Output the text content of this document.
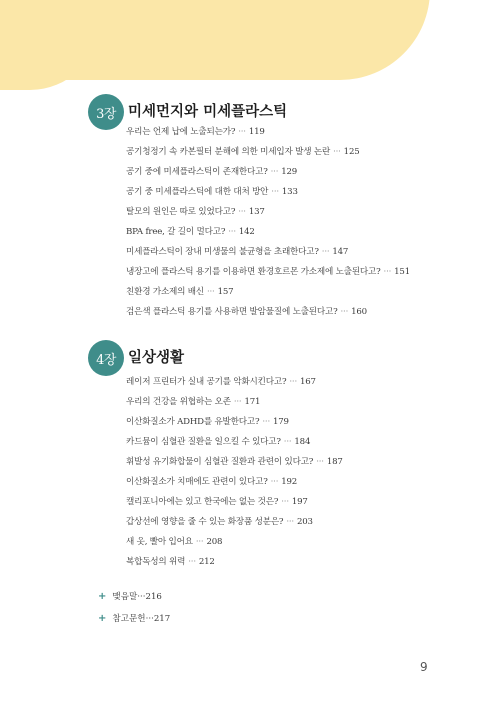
3장 미세먼지와 미세플라스틱
우리는 언제 납에 노출되는가? ··· 119
공기청정기 속 카본필터 분해에 의한 미세입자 발생 논란 ··· 125
공기 중에 미세플라스틱이 존재한다고? ··· 129
공기 중 미세플라스틱에 대한 대처 방안 ··· 133
탈모의 원인은 따로 있었다고? ··· 137
BPA free, 갈 길이 멀다고? ··· 142
미세플라스틱이 장내 미생물의 불균형을 초래한다고? ··· 147
냉장고에 플라스틱 용기를 이용하면 환경호르몬 가소제에 노출된다고? ··· 151
친환경 가소제의 배신 ··· 157
검은색 플라스틱 용기를 사용하면 발암물질에 노출된다고? ··· 160
4장 일상생활
레이저 프린터가 실내 공기를 악화시킨다고? ··· 167
우리의 건강을 위협하는 오존 ··· 171
이산화질소가 ADHD를 유발한다고? ··· 179
카드뮴이 심혈관 질환을 일으킬 수 있다고? ··· 184
휘발성 유기화합물이 심혈관 질환과 관련이 있다고? ··· 187
이산화질소가 치매에도 관련이 있다고? ··· 192
캘리포니아에는 있고 한국에는 없는 것은? ··· 197
갑상선에 영향을 줄 수 있는 화장품 성분은? ··· 203
새 옷, 빨아 입어요 ··· 208
복합독성의 위력 ··· 212
+ 맺음말···216
+ 참고문헌···217
9
